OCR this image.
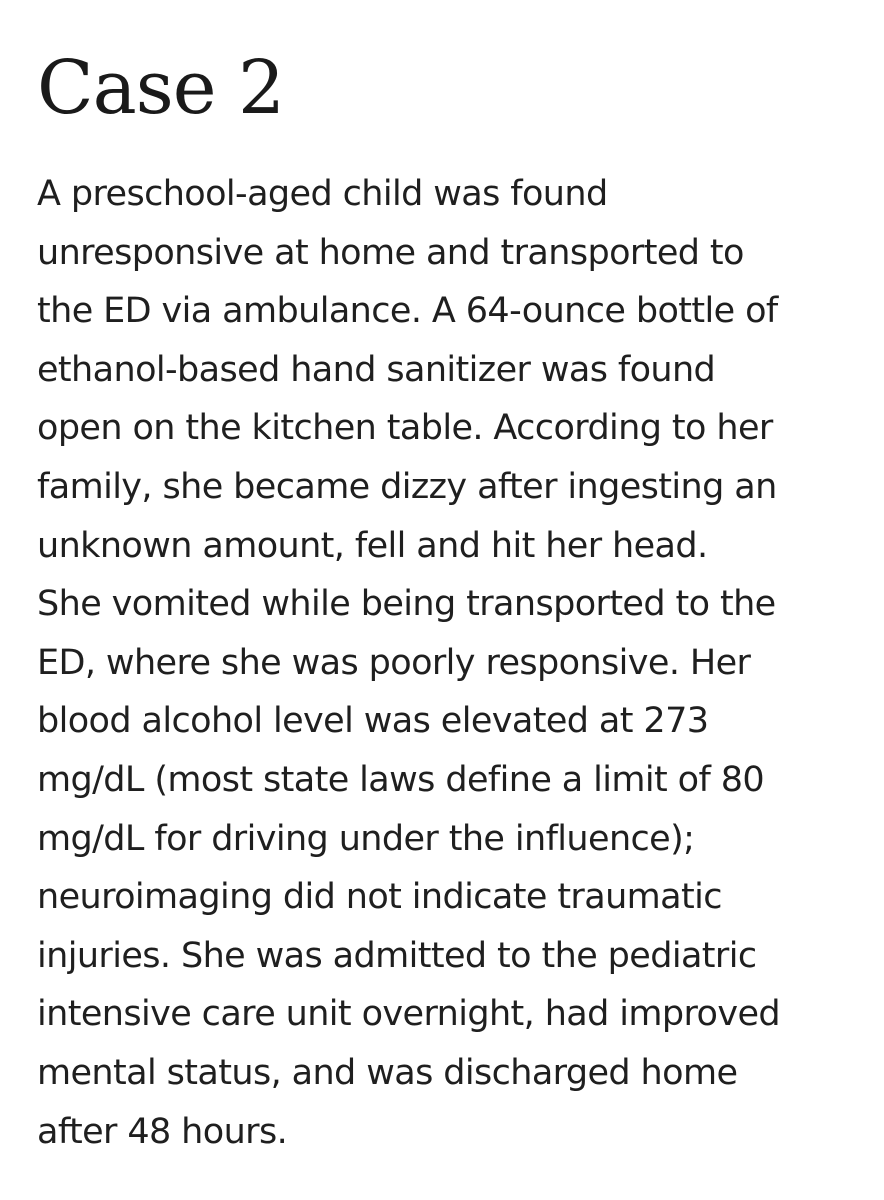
Case 2

A preschool-aged child was found
unresponsive at home and transported to
the ED via ambulance. A 64-ounce bottle of
ethanol-based hand sanitizer was found
open on the kitchen table. According to her
family, she became dizzy after ingesting an
unknown amount, fell and hit her head.
She vomited while being transported to the
ED, where she was poorly responsive. Her
blood alcohol level was elevated at 273
mg/dL (most state laws define a limit of 80
mg/dL for driving under the influence);
neuroimaging did not indicate traumatic
injuries. She was admitted to the pediatric
intensive care unit overnight, had improved
mental status, and was discharged home
after 48 hours.
